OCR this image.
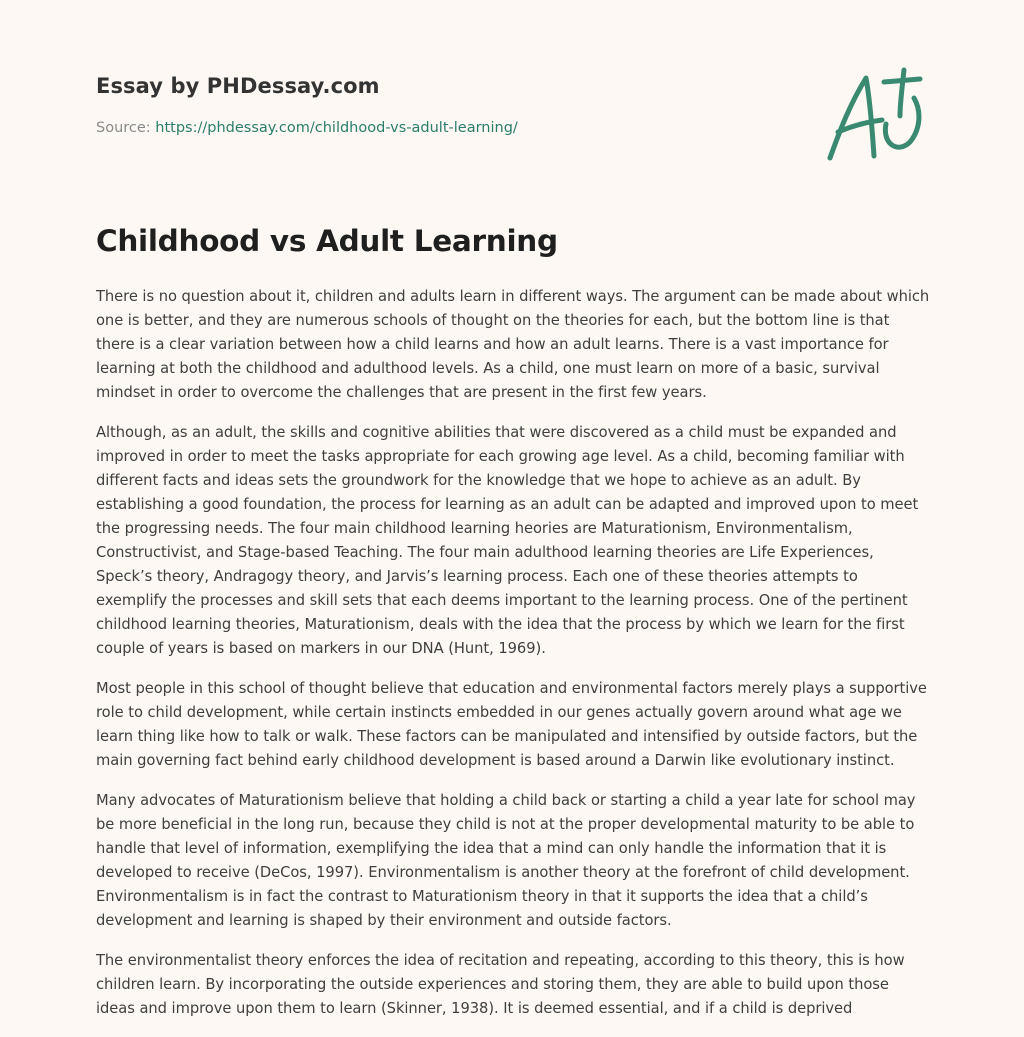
Essay by PHDessay.com
Source: https://phdessay.com/childhood-vs-adult-learning/
Childhood vs Adult Learning

There is no question about it, children and adults learn in different ways. The argument can be made about which one is better, and they are numerous schools of thought on the theories for each, but the bottom line is that there is a clear variation between how a child learns and how an adult learns. There is a vast importance for learning at both the childhood and adulthood levels. As a child, one must learn on more of a basic, survival mindset in order to overcome the challenges that are present in the first few years.

Although, as an adult, the skills and cognitive abilities that were discovered as a child must be expanded and improved in order to meet the tasks appropriate for each growing age level. As a child, becoming familiar with different facts and ideas sets the groundwork for the knowledge that we hope to achieve as an adult. By establishing a good foundation, the process for learning as an adult can be adapted and improved upon to meet the progressing needs. The four main childhood learning heories are Maturationism, Environmentalism, Constructivist, and Stage-based Teaching. The four main adulthood learning theories are Life Experiences, Speck’s theory, Andragogy theory, and Jarvis’s learning process. Each one of these theories attempts to exemplify the processes and skill sets that each deems important to the learning process. One of the pertinent childhood learning theories, Maturationism, deals with the idea that the process by which we learn for the first couple of years is based on markers in our DNA (Hunt, 1969).

Most people in this school of thought believe that education and environmental factors merely plays a supportive role to child development, while certain instincts embedded in our genes actually govern around what age we learn thing like how to talk or walk. These factors can be manipulated and intensified by outside factors, but the main governing fact behind early childhood development is based around a Darwin like evolutionary instinct.

Many advocates of Maturationism believe that holding a child back or starting a child a year late for school may be more beneficial in the long run, because they child is not at the proper developmental maturity to be able to handle that level of information, exemplifying the idea that a mind can only handle the information that it is developed to receive (DeCos, 1997). Environmentalism is another theory at the forefront of child development. Environmentalism is in fact the contrast to Maturationism theory in that it supports the idea that a child’s development and learning is shaped by their environment and outside factors.

The environmentalist theory enforces the idea of recitation and repeating, according to this theory, this is how children learn. By incorporating the outside experiences and storing them, they are able to build upon those ideas and improve upon them to learn (Skinner, 1938). It is deemed essential, and if a child is deprived
